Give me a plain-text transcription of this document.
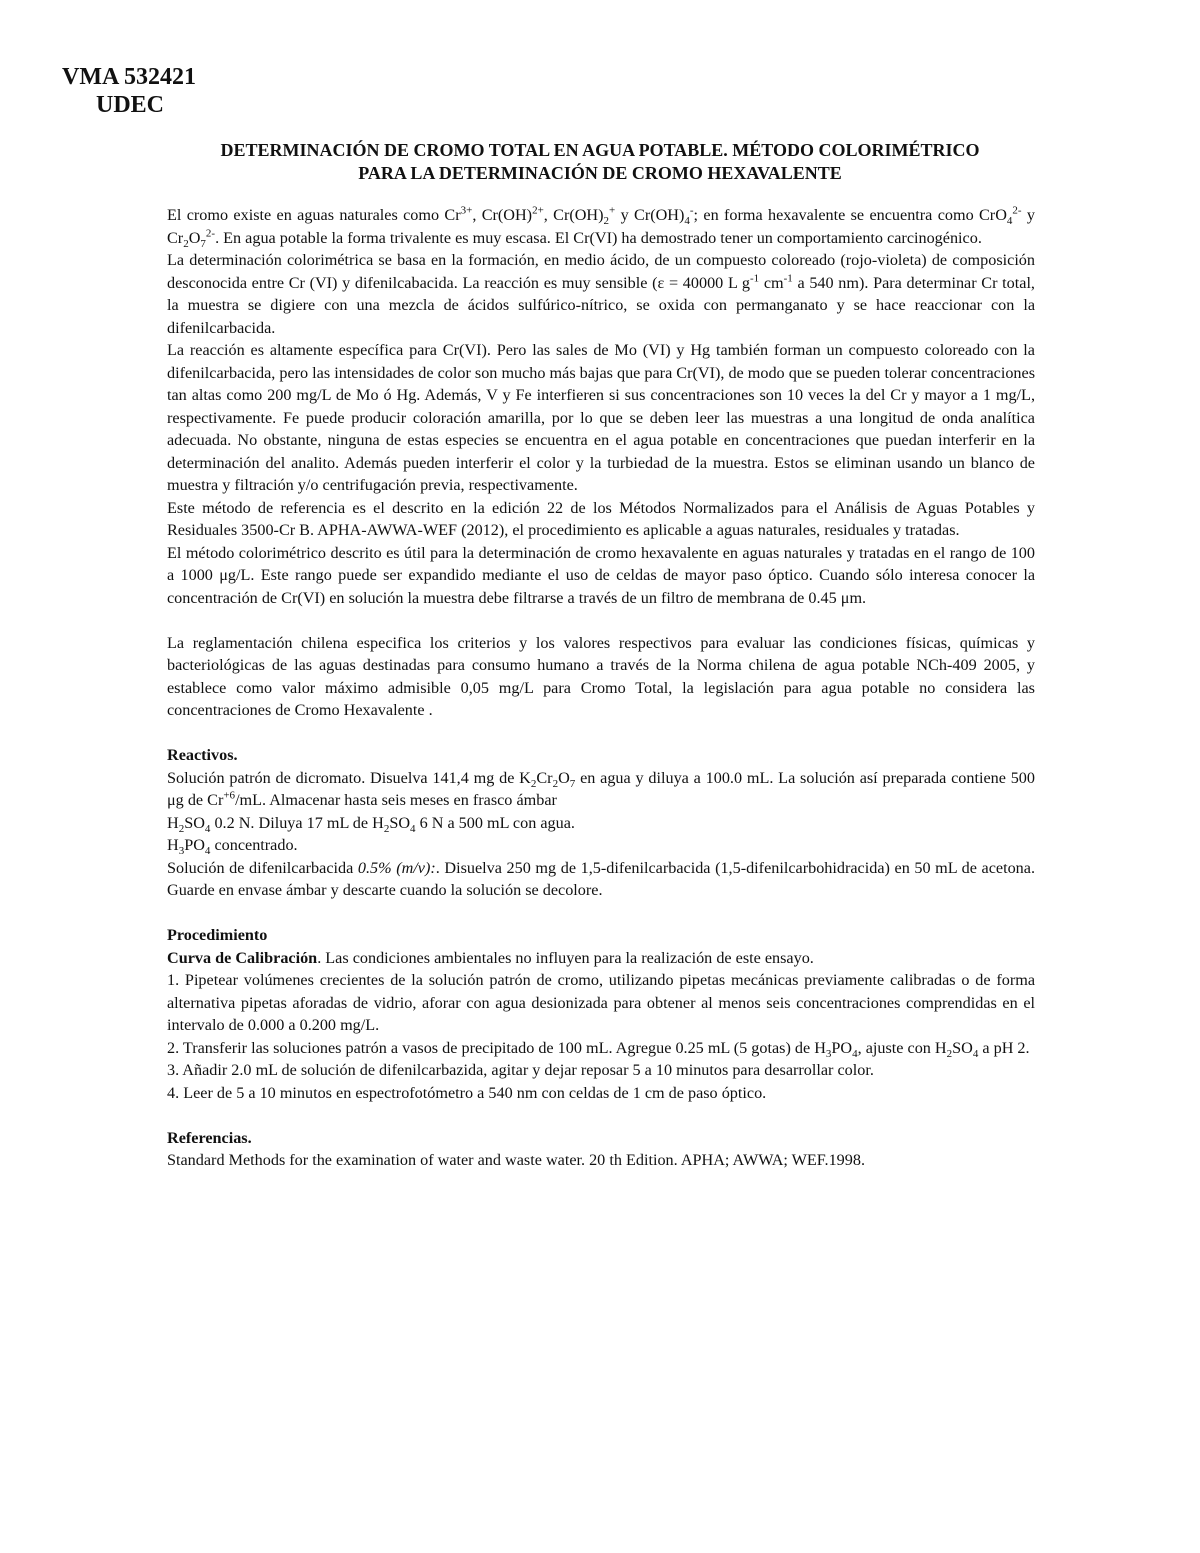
VMA 532421
UDEC
DETERMINACIÓN DE CROMO TOTAL EN AGUA POTABLE. MÉTODO COLORIMÉTRICO
PARA LA DETERMINACIÓN DE CROMO HEXAVALENTE

El cromo existe en aguas naturales como $Cr^{3+}$, Cr(OH)$^{2+}$, $Cr(OH)_2^+$ y $Cr(OH)_4^-$; en forma hexavalente se encuentra como CrO$_4^{2-}$ y $Cr_2O_7^{2-}$. En agua potable la forma trivalente es muy escasa. El Cr(VI) ha demostrado tener un comportamiento carcinogénico.

La determinación colorimétrica se basa en la formación, en medio ácido, de un compuesto coloreado (rojo-violeta) de composición desconocida entre Cr (VI) y difenilcabacida. La reacción es muy sensible (ε = 40000 L $g^{-1}$ $cm^{-1}$ a 540 nm). Para determinar Cr total, la muestra se digiere con una mezcla de ácidos sulfúrico-nítrico, se oxida con permanganato y se hace reaccionar con la difenilcarbacida.

La reacción es altamente específica para Cr(VI). Pero las sales de Mo (VI) y Hg también forman un compuesto coloreado con la difenilcarbacida, pero las intensidades de color son mucho más bajas que para Cr(VI), de modo que se pueden tolerar concentraciones tan altas como 200 mg/L de Mo ó Hg. Además, V y Fe interfieren si sus concentraciones son 10 veces la del Cr y mayor a 1 mg/L, respectivamente. Fe puede producir coloración amarilla, por lo que se deben leer las muestras a una longitud de onda analítica adecuada. No obstante, ninguna de estas especies se encuentra en el agua potable en concentraciones que puedan interferir en la determinación del analito. Además pueden interferir el color y la turbiedad de la muestra. Estos se eliminan usando un blanco de muestra y filtración y/o centrifugación previa, respectivamente.

Este método de referencia es el descrito en la edición 22 de los Métodos Normalizados para el Análisis de Aguas Potables y Residuales 3500-Cr B. APHA-AWWA-WEF (2012), el procedimiento es aplicable a aguas naturales, residuales y tratadas.

El método colorimétrico descrito es útil para la determinación de cromo hexavalente en aguas naturales y tratadas en el rango de 100 a 1000 μg/L. Este rango puede ser expandido mediante el uso de celdas de mayor paso óptico. Cuando sólo interesa conocer la concentración de Cr(VI) en solución la muestra debe filtrarse a través de un filtro de membrana de 0.45 μm.

La reglamentación chilena especifica los criterios y los valores respectivos para evaluar las condiciones físicas, químicas y bacteriológicas de las aguas destinadas para consumo humano a través de la Norma chilena de agua potable NCh-409 2005, y establece como valor máximo admisible 0,05 mg/L para Cromo Total, la legislación para agua potable no considera las concentraciones de Cromo Hexavalente .

Reactivos.

Solución patrón de dicromato. Disuelva 141,4 mg de $K_2Cr_2O_7$ en agua y diluya a 100.0 mL. La solución así preparada contiene 500 μg de $Cr^{+6}/mL$. Almacenar hasta seis meses en frasco ámbar

$H_2SO_4$ 0.2 N. Diluya 17 mL de $H_2SO_4$ 6 N a 500 mL con agua.

$H_3PO_4$ concentrado.

Solución de difenilcarbacida 0.5% (m/v):. Disuelva 250 mg de 1,5-difenilcarbacida (1,5-difenilcarbohidracida) en 50 mL de acetona. Guarde en envase ámbar y descarte cuando la solución se decolore.

Procedimiento

Curva de Calibración. Las condiciones ambientales no influyen para la realización de este ensayo.

1. Pipetear volúmenes crecientes de la solución patrón de cromo, utilizando pipetas mecánicas previamente calibradas o de forma alternativa pipetas aforadas de vidrio, aforar con agua desionizada para obtener al menos seis concentraciones comprendidas en el intervalo de 0.000 a 0.200 mg/L.

2. Transferir las soluciones patrón a vasos de precipitado de 100 mL. Agregue 0.25 mL (5 gotas) de $H_3PO_4$, ajuste con $H_2SO_4$ a pH 2.

3. Añadir 2.0 mL de solución de difenilcarbazida, agitar y dejar reposar 5 a 10 minutos para desarrollar color.

4. Leer de 5 a 10 minutos en espectrofotómetro a 540 nm con celdas de 1 cm de paso óptico.

Referencias.

Standard Methods for the examination of water and waste water. 20 th Edition. APHA; AWWA; WEF.1998.
